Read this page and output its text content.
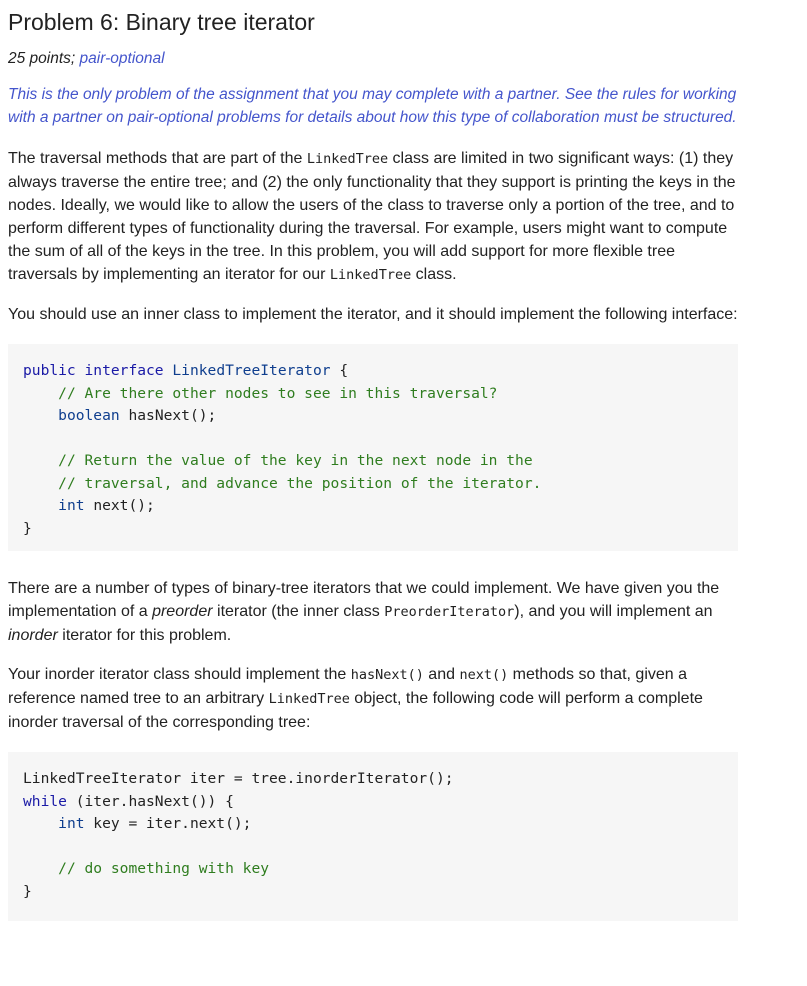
Problem 6: Binary tree iterator
25 points; pair-optional
This is the only problem of the assignment that you may complete with a partner. See the rules for working with a partner on pair-optional problems for details about how this type of collaboration must be structured.

The traversal methods that are part of the LinkedTree class are limited in two significant ways: (1) they always traverse the entire tree; and (2) the only functionality that they support is printing the keys in the nodes. Ideally, we would like to allow the users of the class to traverse only a portion of the tree, and to perform different types of functionality during the traversal. For example, users might want to compute the sum of all of the keys in the tree. In this problem, you will add support for more flexible tree traversals by implementing an iterator for our LinkedTree class.

You should use an inner class to implement the iterator, and it should implement the following interface:

public interface LinkedTreeIterator {
// Are there other nodes to see in this traversal?
boolean hasNext();

// Return the value of the key in the next node in the
// traversal, and advance the position of the iterator.
int next();
}

There are a number of types of binary-tree iterators that we could implement. We have given you the implementation of a preorder iterator (the inner class PreorderIterator), and you will implement an inorder iterator for this problem.

Your inorder iterator class should implement the hasNext() and next() methods so that, given a reference named tree to an arbitrary LinkedTree object, the following code will perform a complete inorder traversal of the corresponding tree:

LinkedTreeIterator iter = tree.inorderIterator();
while (iter.hasNext()) {
int key = iter.next();

// do something with key
}
